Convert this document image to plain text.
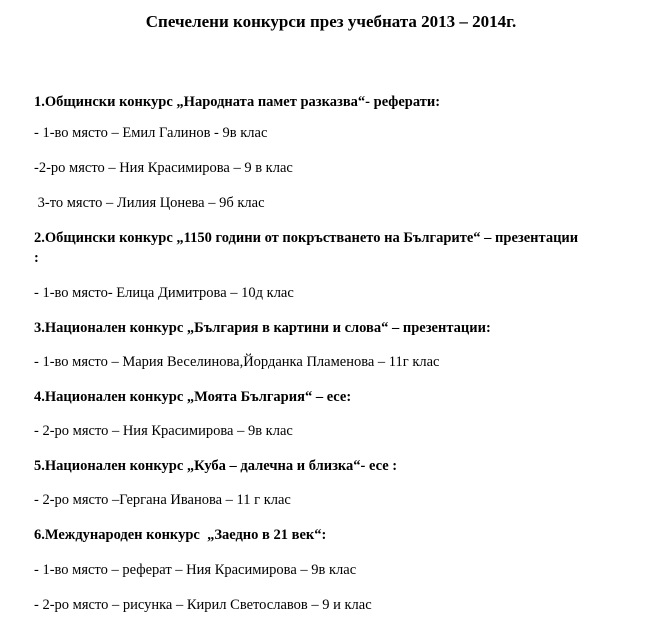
Спечелени конкурси през учебната 2013 – 2014г.
1.Общински конкурс „Народната памет разказва“- реферати:
- 1-во място – Емил Галинов - 9в клас
-2-ро място – Ния Красимирова – 9 в клас
3-то място – Лилия Цонева – 9б клас
2.Общински конкурс „1150 години от покръстването на Българите“ – презентации
:
- 1-во място- Елица Димитрова – 10д клас
3.Национален конкурс „България в картини и слова“ – презентации:
- 1-во място – Мария Веселинова,Йорданка Пламенова – 11г клас
4.Национален конкурс „Моята България“ – есе:
- 2-ро място – Ния Красимирова – 9в клас
5.Национален конкурс „Куба – далечна и близка“- есе :
- 2-ро място –Гергана Иванова – 11 г клас
6.Международен конкурс  „Заедно в 21 век“:
- 1-во място – реферат – Ния Красимирова – 9в клас
- 2-ро място – рисунка – Кирил Светославов – 9 и клас
